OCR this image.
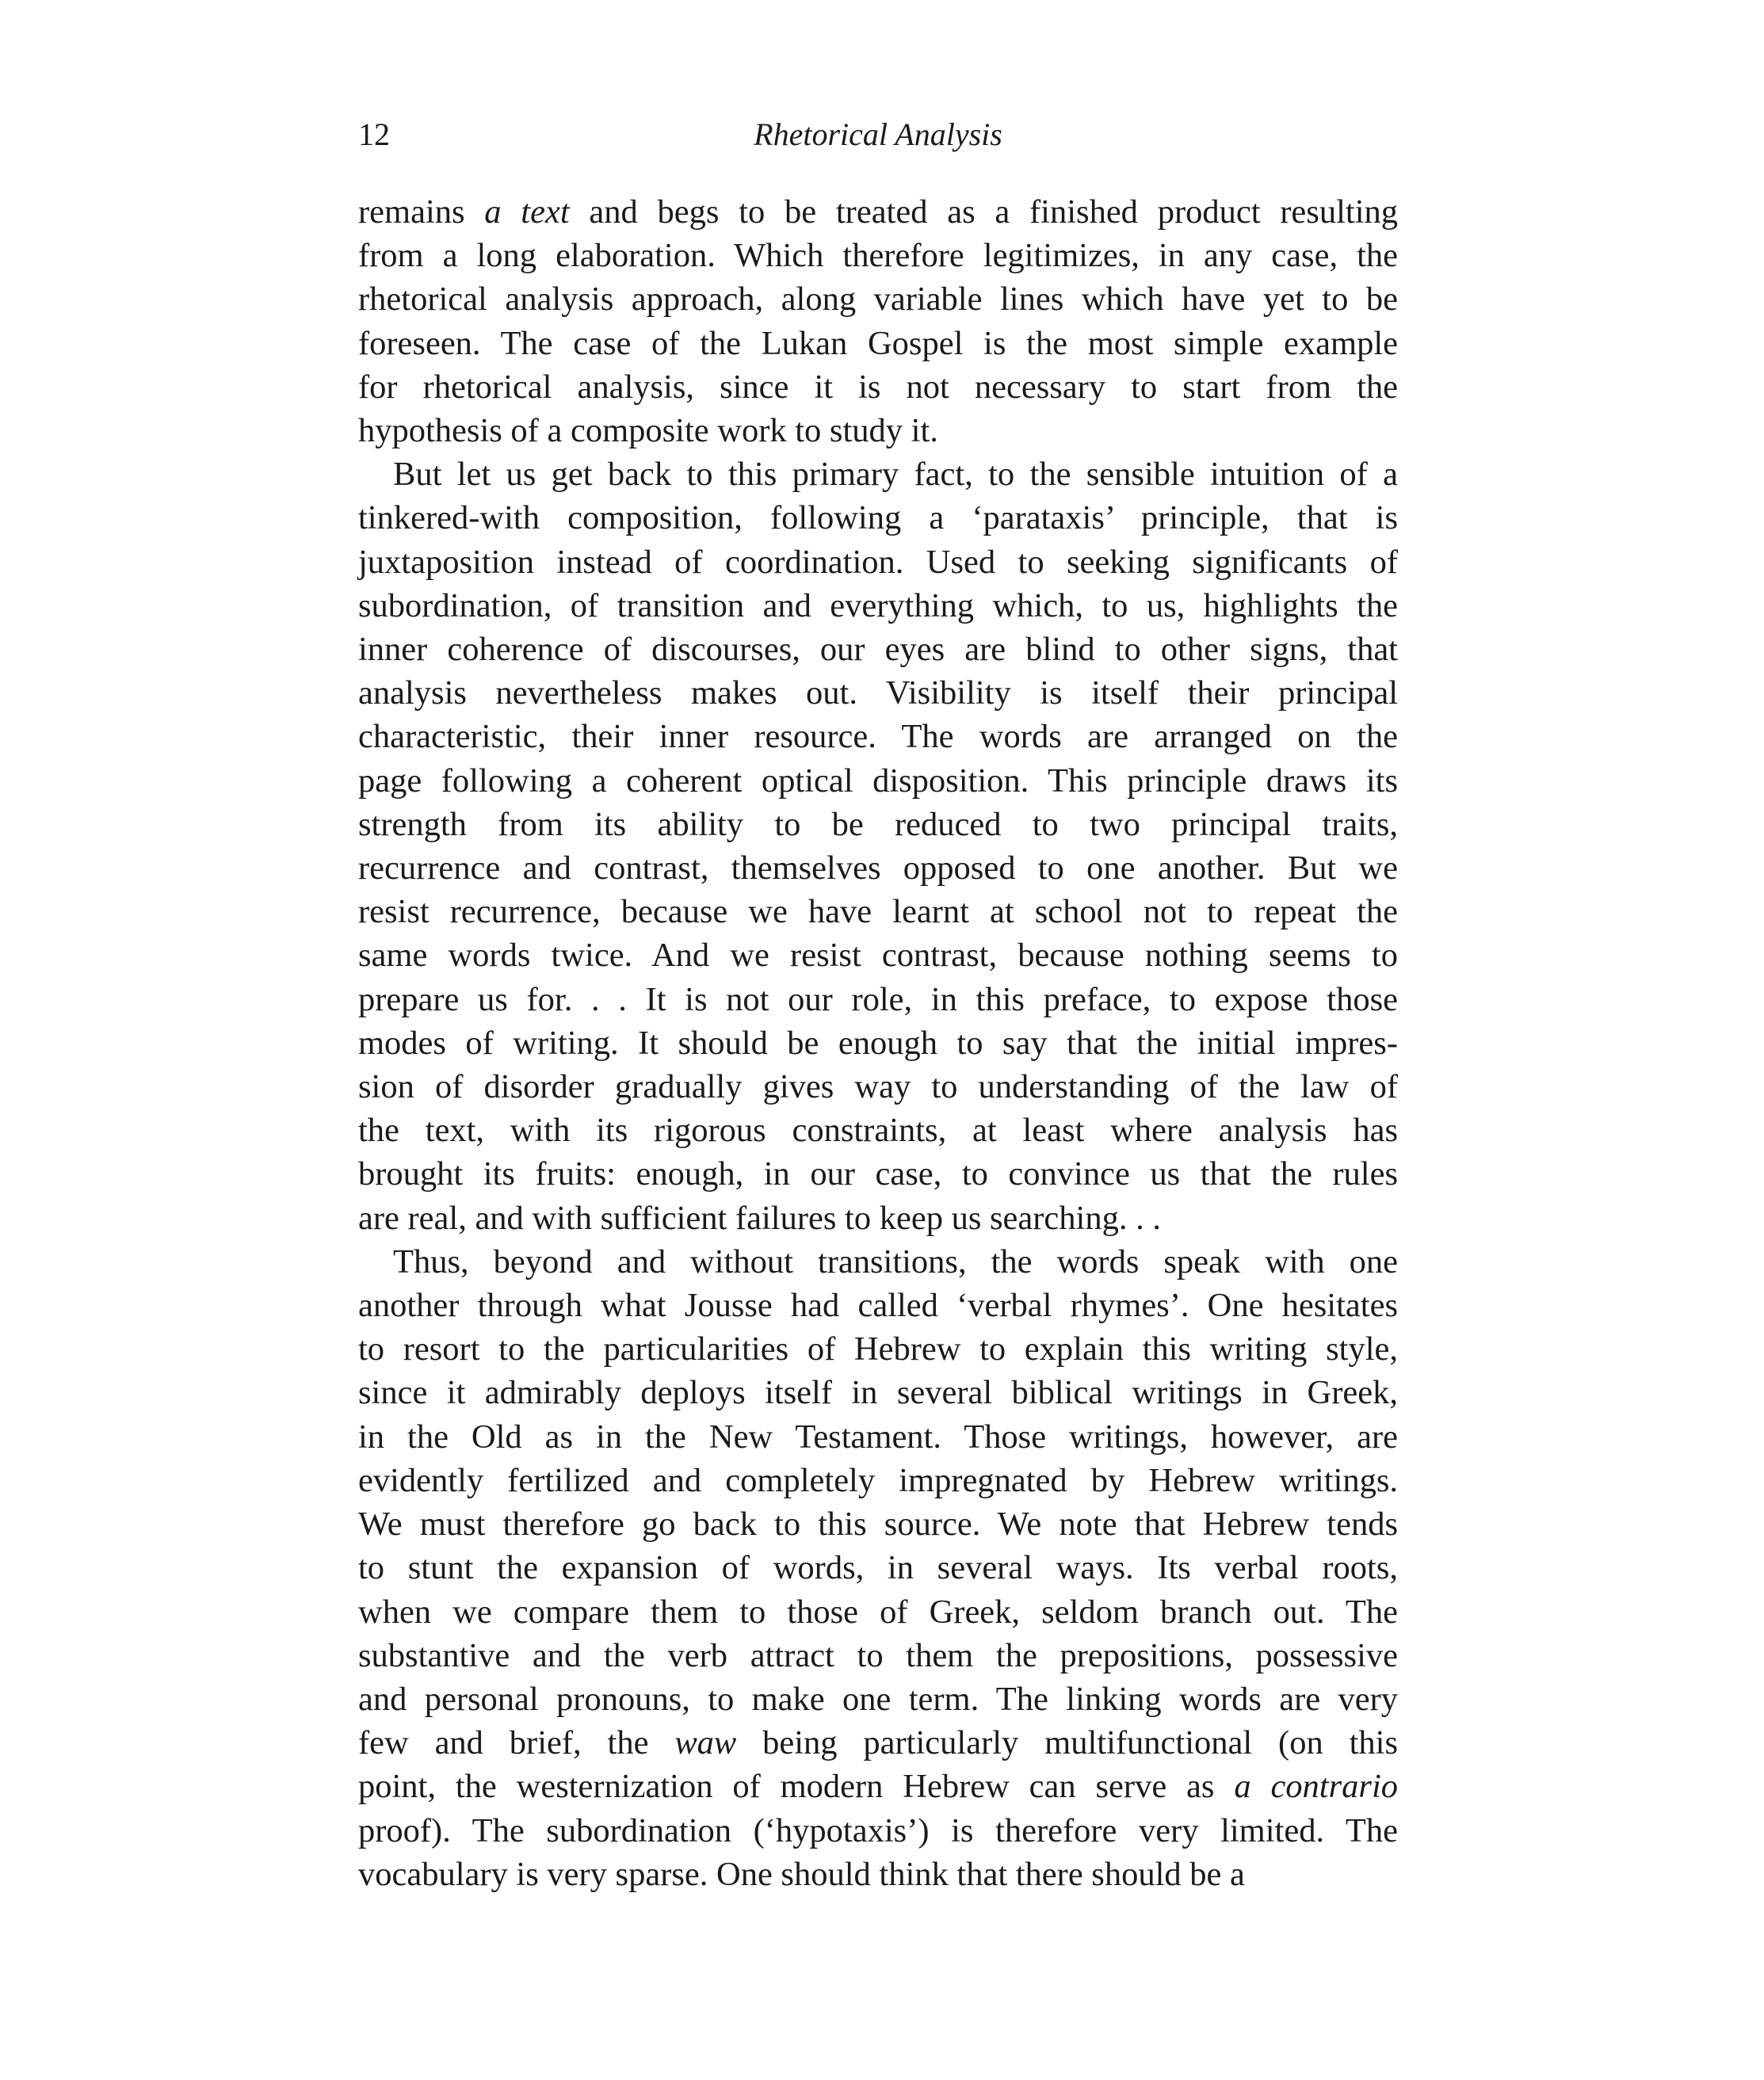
12	Rhetorical Analysis
remains a text and begs to be treated as a finished product resulting
from a long elaboration. Which therefore legitimizes, in any case, the
rhetorical analysis approach, along variable lines which have yet to be
foreseen. The case of the Lukan Gospel is the most simple example
for rhetorical analysis, since it is not necessary to start from the
hypothesis of a composite work to study it.
But let us get back to this primary fact, to the sensible intuition of a
tinkered-with composition, following a ‘parataxis’ principle, that is
juxtaposition instead of coordination. Used to seeking significants of
subordination, of transition and everything which, to us, highlights the
inner coherence of discourses, our eyes are blind to other signs, that
analysis nevertheless makes out. Visibility is itself their principal
characteristic, their inner resource. The words are arranged on the
page following a coherent optical disposition. This principle draws its
strength from its ability to be reduced to two principal traits,
recurrence and contrast, themselves opposed to one another. But we
resist recurrence, because we have learnt at school not to repeat the
same words twice. And we resist contrast, because nothing seems to
prepare us for. . . It is not our role, in this preface, to expose those
modes of writing. It should be enough to say that the initial impres-
sion of disorder gradually gives way to understanding of the law of
the text, with its rigorous constraints, at least where analysis has
brought its fruits: enough, in our case, to convince us that the rules
are real, and with sufficient failures to keep us searching. . .
Thus, beyond and without transitions, the words speak with one
another through what Jousse had called ‘verbal rhymes’. One hesitates
to resort to the particularities of Hebrew to explain this writing style,
since it admirably deploys itself in several biblical writings in Greek,
in the Old as in the New Testament. Those writings, however, are
evidently fertilized and completely impregnated by Hebrew writings.
We must therefore go back to this source. We note that Hebrew tends
to stunt the expansion of words, in several ways. Its verbal roots,
when we compare them to those of Greek, seldom branch out. The
substantive and the verb attract to them the prepositions, possessive
and personal pronouns, to make one term. The linking words are very
few and brief, the waw being particularly multifunctional (on this
point, the westernization of modern Hebrew can serve as a contrario
proof). The subordination (‘hypotaxis’) is therefore very limited. The
vocabulary is very sparse. One should think that there should be a
